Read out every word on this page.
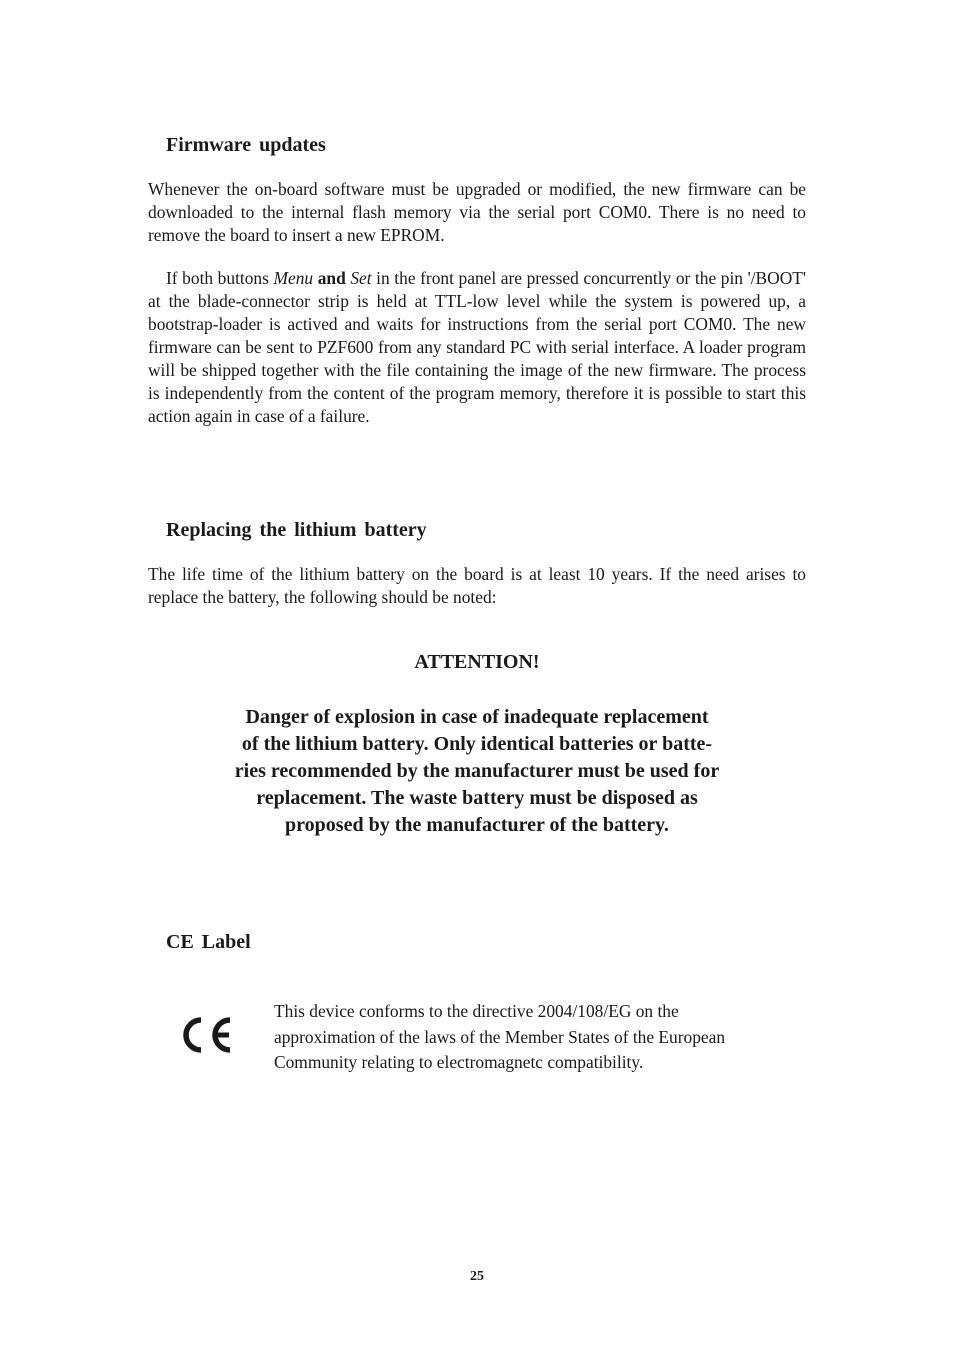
Firmware updates

Whenever the on-board software must be upgraded or modified, the new firmware can be downloaded to the internal flash memory via the serial port COM0. There is no need to remove the board to insert a new EPROM.

If both buttons Menu and Set in the front panel are pressed concurrently or the pin '/BOOT' at the blade-connector strip is held at TTL-low level while the system is powered up, a bootstrap-loader is actived and waits for instructions from the serial port COM0. The new firmware can be sent to PZF600 from any standard PC with serial interface. A loader program will be shipped together with the file containing the image of the new firmware. The process is independently from the content of the program memory, therefore it is possible to start this action again in case of a failure.

Replacing the lithium battery

The life time of the lithium battery on the board is at least 10 years. If the need arises to replace the battery, the following should be noted:

ATTENTION!

Danger of explosion in case of inadequate replacement
of the lithium battery. Only identical batteries or batte-
ries recommended by the manufacturer must be used for
replacement. The waste battery must be disposed as
proposed by the manufacturer of the battery.

CE Label

This device conforms to the directive 2004/108/EG on the
approximation of the laws of the Member States of the European
Community relating to electromagnetc compatibility.

25
